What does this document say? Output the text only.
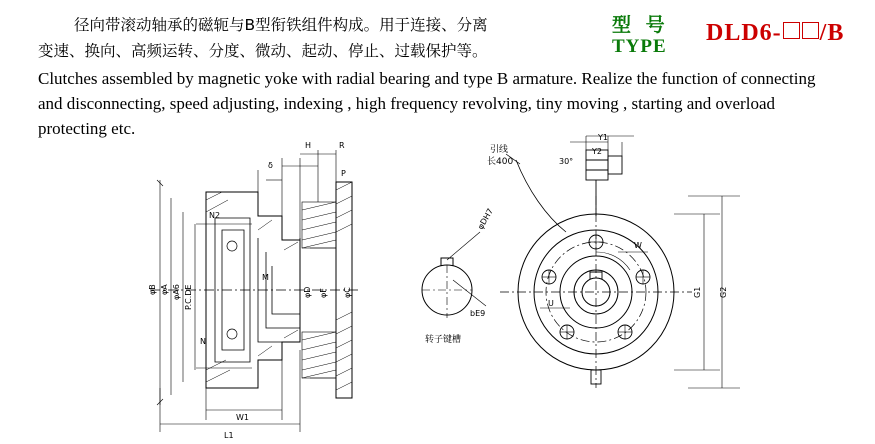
径向带滚动轴承的磁轭与B型衔铁组件构成。用于连接、分离
变速、换向、高频运转、分度、微动、起动、停止、过载保护等。
型 号
TYPE
DLD6- /B
Clutches assembled by magnetic yoke with radial bearing and type B armature. Realize the function of connecting and disconnecting, speed adjusting, indexing , high frequency revolving, tiny moving , starting and overload protecting etc.
H	R
P
δ
N2
M
N
W1
L1
φB φA φA6 P.C.DE	φD φF φC
φDH7
bE9
Y1
Y2
G1 G2
W
U
30°
引线
长400
转子键槽
